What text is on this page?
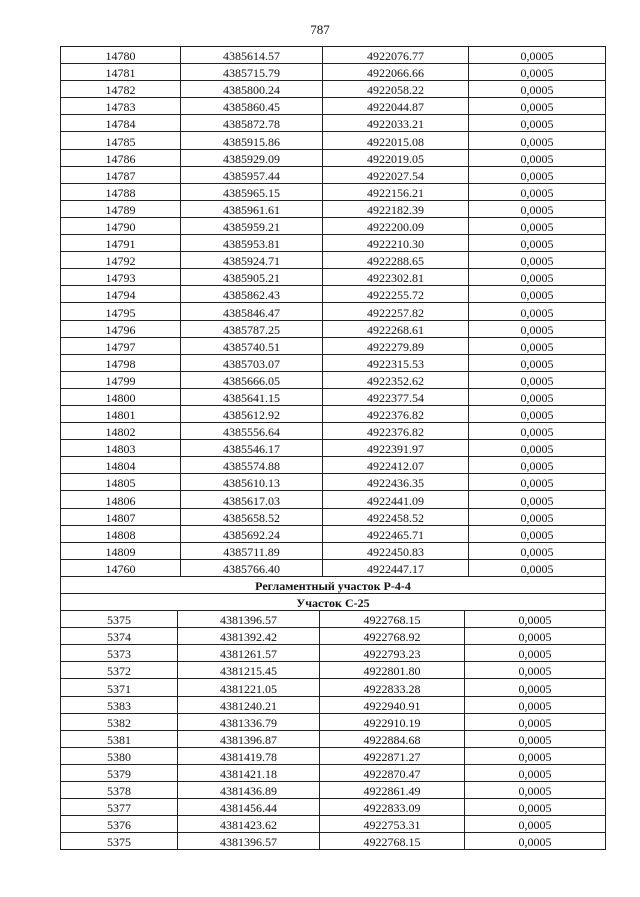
787
14780	4385614.57	4922076.77	0,0005
14781	4385715.79	4922066.66	0,0005
14782	4385800.24	4922058.22	0,0005
14783	4385860.45	4922044.87	0,0005
14784	4385872.78	4922033.21	0,0005
14785	4385915.86	4922015.08	0,0005
14786	4385929.09	4922019.05	0,0005
14787	4385957.44	4922027.54	0,0005
14788	4385965.15	4922156.21	0,0005
14789	4385961.61	4922182.39	0,0005
14790	4385959.21	4922200.09	0,0005
14791	4385953.81	4922210.30	0,0005
14792	4385924.71	4922288.65	0,0005
14793	4385905.21	4922302.81	0,0005
14794	4385862.43	4922255.72	0,0005
14795	4385846.47	4922257.82	0,0005
14796	4385787.25	4922268.61	0,0005
14797	4385740.51	4922279.89	0,0005
14798	4385703.07	4922315.53	0,0005
14799	4385666.05	4922352.62	0,0005
14800	4385641.15	4922377.54	0,0005
14801	4385612.92	4922376.82	0,0005
14802	4385556.64	4922376.82	0,0005
14803	4385546.17	4922391.97	0,0005
14804	4385574.88	4922412.07	0,0005
14805	4385610.13	4922436.35	0,0005
14806	4385617.03	4922441.09	0,0005
14807	4385658.52	4922458.52	0,0005
14808	4385692.24	4922465.71	0,0005
14809	4385711.89	4922450.83	0,0005
14760	4385766.40	4922447.17	0,0005
Регламентный участок Р-4-4
Участок С-25
5375	4381396.57	4922768.15	0,0005
5374	4381392.42	4922768.92	0,0005
5373	4381261.57	4922793.23	0,0005
5372	4381215.45	4922801.80	0,0005
5371	4381221.05	4922833.28	0,0005
5383	4381240.21	4922940.91	0,0005
5382	4381336.79	4922910.19	0,0005
5381	4381396.87	4922884.68	0,0005
5380	4381419.78	4922871.27	0,0005
5379	4381421.18	4922870.47	0,0005
5378	4381436.89	4922861.49	0,0005
5377	4381456.44	4922833.09	0,0005
5376	4381423.62	4922753.31	0,0005
5375	4381396.57	4922768.15	0,0005
